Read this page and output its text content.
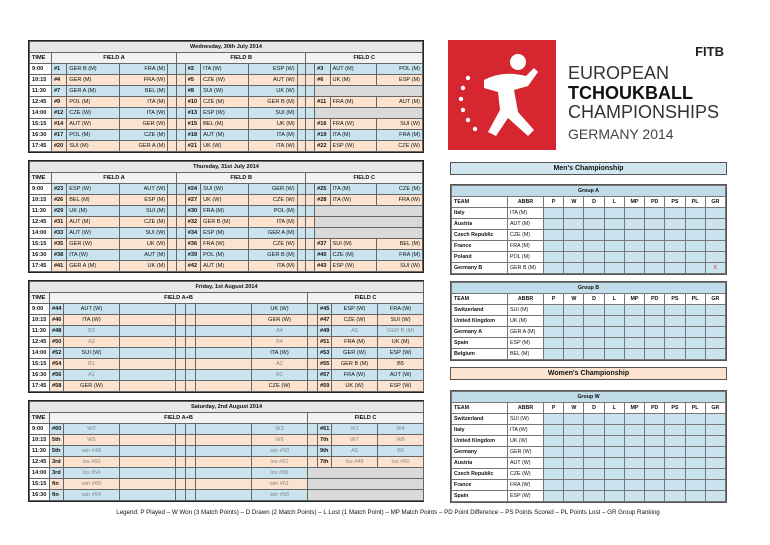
Wednesday, 30th July 2014													
TIME	FIELD A				FIELD B					FIELD C			
9:00	#1	GER B (M)	FRA (M)			#2	ITA (W)	ESP (W)			#3	AUT (M)	POL (M)
10:15	#4	GER (M)	FRA (W)			#5	CZE (W)	AUT (W)			#6	UK (M)	ESP (M)
11:30	#7	GER A (M)	BEL (M)			#8	SUI (W)	UK (W)					
12:45	#9	POL (M)	ITA (M)			#10	CZE (M)	GER B (M)			#11	FRA (M)	AUT (M)
14:00	#12	CZE (W)	ITA (W)			#13	ESP (W)	SUI (M)					
15:15	#14	AUT (W)	GER (W)			#15	BEL (M)	UK (M)			#16	FRA (W)	SUI (W)
16:30	#17	POL (M)	CZE (M)			#18	AUT (M)	ITA (M)			#19	ITA (M)	FRA (M)
17:45	#20	SUI (M)	GER A (M)			#21	UK (W)	ITA (W)			#22	ESP (W)	CZE (W)
Thursday, 31st July 2014													
TIME	FIELD A				FIELD B					FIELD C			
9:00	#23	ESP (W)	AUT (W)			#24	SUI (W)	GER (W)			#25	ITA (M)	CZE (M)
10:15	#26	BEL (M)	ESP (M)			#27	UK (W)	CZE (W)			#28	ITA (W)	FRA (W)
11:30	#29	UK (M)	SUI (M)			#30	FRA (M)	POL (M)					
12:45	#31	AUT (M)	CZE (M)			#32	GER B (M)	ITA (M)					
14:00	#33	AUT (W)	SUI (W)			#34	ESP (M)	GER A (M)					
15:15	#35	GER (W)	UK (W)			#36	FRA (W)	CZE (W)			#37	SUI (M)	BEL (M)
16:30	#38	ITA (W)	AUT (M)			#39	POL (M)	GER B (M)			#40	CZE (M)	FRA (M)
17:45	#41	GER A (M)	UK (M)			#42	AUT (M)	ITA (M)			#43	ESP (W)	SUI (W)
Friday, 1st August 2014											
TIME	FIELD A+B							FIELD C			
9:00	#44	AUT (W)					UK (W)		#45	ESP (W)	FRA (W)
10:15	#46	ITA (W)					GER (W)		#47	CZE (W)	SUI (W)
11:30	#48	B3					A4		#49	A5	GER B (M)
12:45	#50	A3					B4		#51	FRA (M)	UK (M)
14:00	#52	SUI (W)					ITA (W)		#53	GER (W)	ESP (W)
15:15	#54	B1					A2		#55	GER B (M)	B5
16:30	#56	A1					B2		#57	FRA (W)	AUT (W)
17:45	#58	GER (W)					CZE (W)		#59	UK (W)	ESP (W)
Saturday, 2nd August 2014											
TIME	FIELD A+B							FIELD C			
9:00	#60	W2					W3		#61	W1	W4
10:15	5th	W5					W6		7th	W7	W8
11:30	5th	win #48					win #50		9th	A5	B5
12:45	3rd	los #60					los #61		7th	los #48	los #50
14:00	3rd	los #54					los #56				
15:15	fin	win #60					win #61				
16:30	fin	win #54					win #56				
FITB
EUROPEAN
TCHOUKBALL
CHAMPIONSHIPS
GERMANY 2014
Men's Championship
Group A										
TEAM	ABBR	P	W	D	L	MP	PD	PS	PL	GR
Italy	ITA (M)									
Austria	AUT (M)									
Czech Republic	CZE (M)									
France	FRA (M)									
Poland	POL (M)									
Germany B	GER B (M)									6
Group B										
TEAM	ABBR	P	W	D	L	MP	PD	PS	PL	GR
Switzerland	SUI (M)									
United Kingdom	UK (M)									
Germany A	GER A (M)									
Spain	ESP (M)									
Belgium	BEL (M)									
Women's Championship
Group W										
TEAM	ABBR	P	W	D	L	MP	PD	PS	PL	GR
Switzerland	SUI (W)									
Italy	ITA (W)									
United Kingdom	UK (W)									
Germany	GER (W)									
Austria	AUT (W)									
Czech Republic	CZE (W)									
France	FRA (W)									
Spain	ESP (W)									
Legend: P Played – W Won (3 Match Points) – D Drawn (2 Match Points) – L Lost (1 Match Point) – MP Match Points – PD Point Difference – PS Points Scored – PL Points Lost – GR Group Ranking
